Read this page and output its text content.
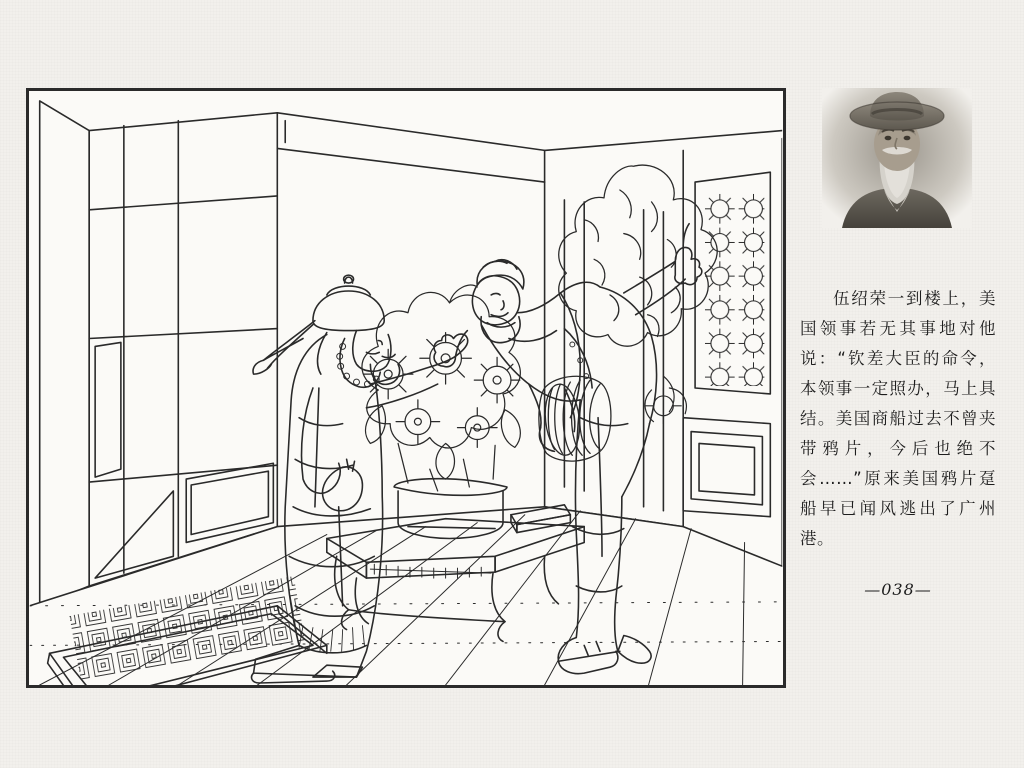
伍绍荣一到楼上，美国领事若无其事地对他说：“钦差大臣的命令，本领事一定照办，马上具结。美国商船过去不曾夹带鸦片，今后也绝不会……”原来美国鸦片趸船早已闻风逃出了广州港。

—038—
